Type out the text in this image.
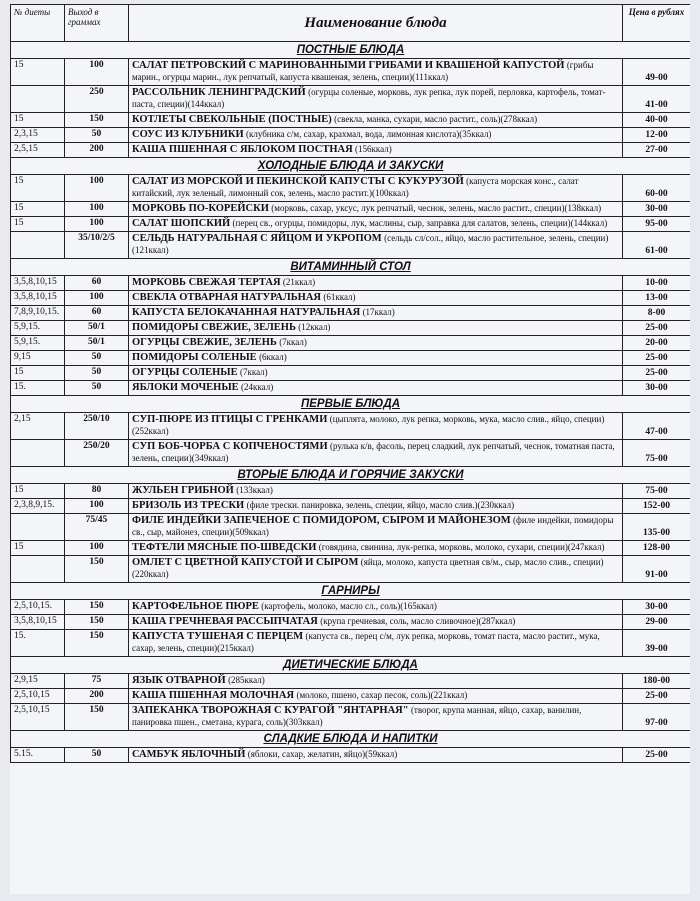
№ диеты	Выход в граммах	Наименование блюда	Цена в рублях
ПОСТНЫЕ БЛЮДА			
15	100	САЛАТ ПЕТРОВСКИЙ С МАРИНОВАННЫМИ ГРИБАМИ И КВАШЕНОЙ КАПУСТОЙ (грибы марин., огурцы марин., лук репчатый, капуста квашеная, зелень, специи)(111ккал)	49-00
	250	РАССОЛЬНИК ЛЕНИНГРАДСКИЙ (огурцы соленые, морковь, лук репка, лук порей, перловка, картофель, томат-паста, специи)(144ккал)	41-00
15	150	КОТЛЕТЫ СВЕКОЛЬНЫЕ (ПОСТНЫЕ) (свекла, манка, сухари, масло растит., соль)(278ккал)	40-00
2,3,15	50	СОУС ИЗ КЛУБНИКИ (клубника с/м, сахар, крахмал, вода, лимонная кислота)(35ккал)	12-00
2,5,15	200	КАША ПШЕННАЯ С ЯБЛОКОМ ПОСТНАЯ (156ккал)	27-00
ХОЛОДНЫЕ БЛЮДА И ЗАКУСКИ			
15	100	САЛАТ ИЗ МОРСКОЙ И ПЕКИНСКОЙ КАПУСТЫ С КУКУРУЗОЙ (капуста морская конс., салат китайский, лук зеленый, лимонный сок, зелень, масло растит.)(100ккал)	60-00
15	100	МОРКОВЬ ПО-КОРЕЙСКИ (морковь, сахар, уксус, лук репчатый, чеснок, зелень, масло растит., специи)(138ккал)	30-00
15	100	САЛАТ ШОПСКИЙ (перец св., огурцы, помидоры, лук, маслины, сыр, заправка для салатов, зелень, специи)(144ккал)	95-00
	35/10/2/5	СЕЛЬДЬ НАТУРАЛЬНАЯ С ЯЙЦОМ И УКРОПОМ (сельдь сл/сол., яйцо, масло растительное, зелень, специи)(121ккал)	61-00
ВИТАМИННЫЙ СТОЛ			
3,5,8,10,15	60	МОРКОВЬ СВЕЖАЯ ТЕРТАЯ (21ккал)	10-00
3,5,8,10,15	100	СВЕКЛА ОТВАРНАЯ НАТУРАЛЬНАЯ (61ккал)	13-00
7,8,9,10,15.	60	КАПУСТА БЕЛОКАЧАННАЯ НАТУРАЛЬНАЯ (17ккал)	8-00
5,9,15.	50/1	ПОМИДОРЫ СВЕЖИЕ, ЗЕЛЕНЬ (12ккал)	25-00
5,9,15.	50/1	ОГУРЦЫ СВЕЖИЕ, ЗЕЛЕНЬ (7ккал)	20-00
9,15	50	ПОМИДОРЫ СОЛЕНЫЕ (6ккал)	25-00
15	50	ОГУРЦЫ СОЛЕНЫЕ (7ккал)	25-00
15.	50	ЯБЛОКИ МОЧЕНЫЕ (24ккал)	30-00
ПЕРВЫЕ БЛЮДА			
2,15	250/10	СУП-ПЮРЕ ИЗ ПТИЦЫ С ГРЕНКАМИ (цыплята, молоко, лук репка, морковь, мука, масло слив., яйцо, специи)(252ккал)	47-00
	250/20	СУП БОБ-ЧОРБА С КОПЧЕНОСТЯМИ (рулька к/в, фасоль, перец сладкий, лук репчатый, чеснок, томатная паста, зелень, специи)(349ккал)	75-00
ВТОРЫЕ БЛЮДА И ГОРЯЧИЕ ЗАКУСКИ			
15	80	ЖУЛЬЕН ГРИБНОЙ (133ккал)	75-00
2,3,8,9,15.	100	БРИЗОЛЬ ИЗ ТРЕСКИ (филе трески. панировка, зелень, специи, яйцо, масло слив.)(230ккал)	152-00
	75/45	ФИЛЕ ИНДЕЙКИ ЗАПЕЧЕНОЕ С ПОМИДОРОМ, СЫРОМ И МАЙОНЕЗОМ (филе индейки, помидоры св., сыр, майонез, специи)(509ккал)	135-00
15	100	ТЕФТЕЛИ МЯСНЫЕ ПО-ШВЕДСКИ (говядина, свинина, лук-репка, морковь, молоко, сухари, специи)(247ккал)	128-00
	150	ОМЛЕТ С ЦВЕТНОЙ КАПУСТОЙ И СЫРОМ (яйца, молоко, капуста цветная св/м., сыр, масло слив., специи)(220ккал)	91-00
ГАРНИРЫ			
2,5,10,15.	150	КАРТОФЕЛЬНОЕ ПЮРЕ (картофель, молоко, масло сл., соль)(165ккал)	30-00
3,5,8,10,15	150	КАША ГРЕЧНЕВАЯ РАССЫПЧАТАЯ (крупа гречневая, соль, масло сливочное)(287ккал)	29-00
15.	150	КАПУСТА ТУШЕНАЯ С ПЕРЦЕМ (капуста св., перец с/м, лук репка, морковь, томат паста, масло растит., мука, сахар, зелень, специи)(215ккал)	39-00
ДИЕТИЧЕСКИЕ БЛЮДА			
2,9,15	75	ЯЗЫК ОТВАРНОЙ (285ккал)	180-00
2,5,10,15	200	КАША ПШЕННАЯ МОЛОЧНАЯ (молоко, пшено, сахар песок, соль)(221ккал)	25-00
2,5,10,15	150	ЗАПЕКАНКА ТВОРОЖНАЯ С КУРАГОЙ "ЯНТАРНАЯ" (творог, крупа манная, яйцо, сахар, ванилин, панировка пшен., сметана, курага, соль)(303ккал)	97-00
СЛАДКИЕ БЛЮДА И НАПИТКИ			
5.15.	50	САМБУК ЯБЛОЧНЫЙ (яблоки, сахар, желатин, яйцо)(59ккал)	25-00
